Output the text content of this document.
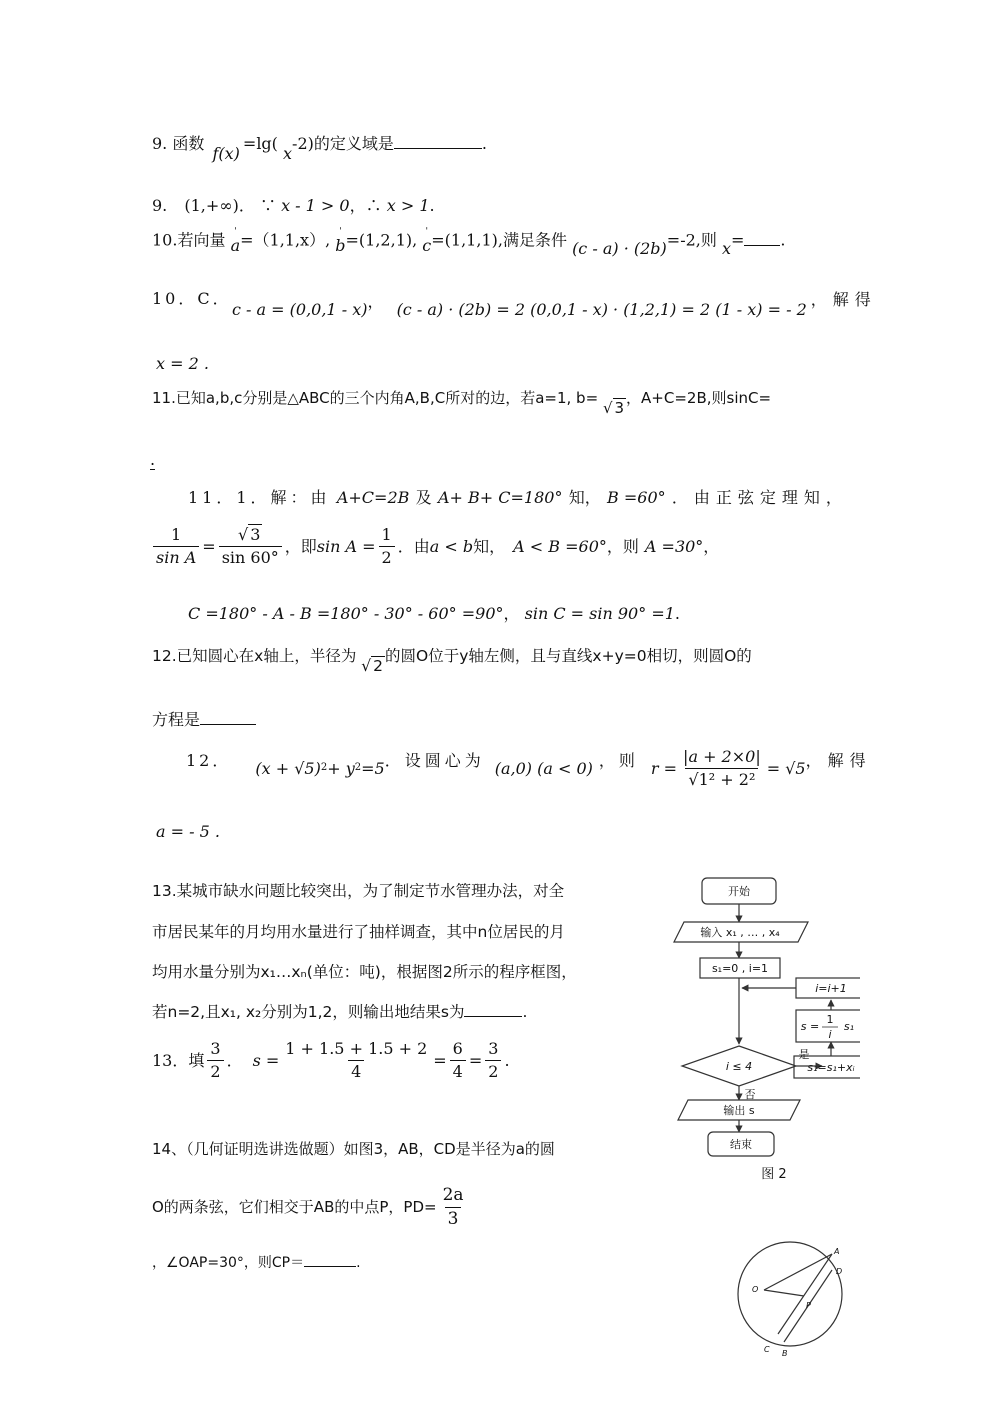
9. 函数 f(x)=lg( x-2)的定义域是	.
9. (1,+∞)． ∵ x - 1 > 0，∴ x > 1.
10.若向量 ˈ
a =（1,1,x）, ˈ
b =(1,2,1), ˈ
c =(1,1,1),满足条件 (c - a) · (2b)=-2,则 x= .
10．C．
c - a = (0,0,1 - x)， (c - a) · (2b) = 2 (0,0,1 - x) · (1,2,1) = 2 (1 - x) = - 2，解得
x = 2 .
11.已知a,b,c分别是△ABC的三个内角A,B,C所对的边，若a=1, b= √ 3，A+C=2B,则sinC=
.
11．1．解：由 A+C=2B 及 A+ B+ C=180° 知， B =60° ．由正弦定理知，
$\frac{1}{\text{sin A}} = \frac{√ 3}{\sin 60^\circ}$ ，即 $\sin A = \frac{1}{2}$ ．由 a < b 知， A < B =60° ，则 A =30° ，
C =180° - A - B =180° - 30° - 60° =90°， sin C = sin 90° =1.
12.已知圆心在x轴上，半径为 √ 2的圆O位于y轴左侧，且与直线x+y=0相切，则圆O的
方程是
12． (x + √5) 2 + y 2 =5 ．设圆心为 (a,0) (a < 0) ，则 $r = \frac{|a + 2\times 0|}{\text{√1² + 2²}} = √5$ ，解得
a = - 5 .
13.某城市缺水问题比较突出，为了制定节水管理办法，对全
市居民某年的月均用水量进行了抽样调查，其中n位居民的月
均用水量分别为x₁…xₙ(单位：吨)，根据图2所示的程序框图，
若n=2,且x₁, x₂分别为1,2，则输出地结果s为	.
13．填 $\frac{3}{2}$ ． $s = \frac{1 + 1.5 + 1.5 + 2}{4} = \frac{6}{4} = \frac{3}{2}$ .
开始
输入 x₁ , … , x₄
s₁=0 , i=1
i ≤ 4
是
否
s₁=s₁+xᵢ
s =
1
i
s₁
i=i+1
输出 s
结束
图 2
14、（几何证明选讲选做题）如图3，AB，CD是半径为a的圆
O的两条弦，它们相交于AB的中点P，$PD= \frac{2a}{3}$
，∠OAP=30°，则CP＝	.
O
A
D
P
C B
